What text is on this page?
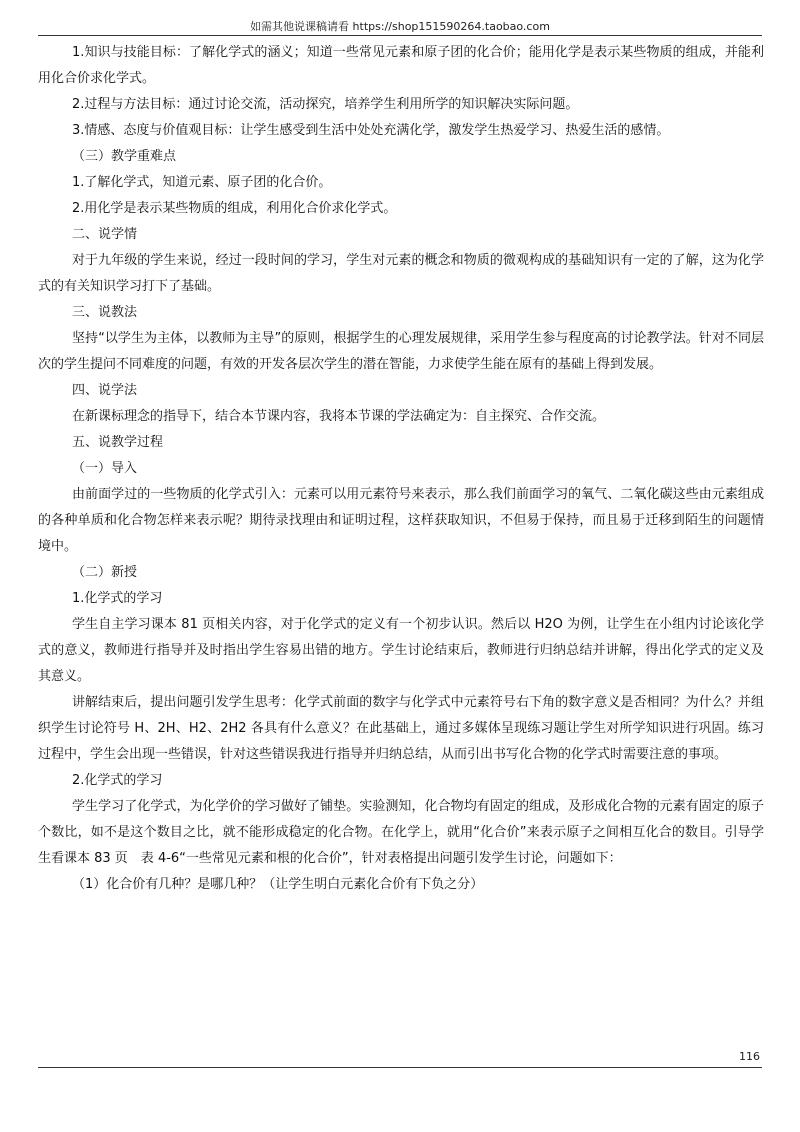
如需其他说课稿请看 https://shop151590264.taobao.com

1.知识与技能目标：了解化学式的涵义；知道一些常见元素和原子团的化合价；能用化学是表示某些物质的组成，并能利用化合价求化学式。

2.过程与方法目标：通过讨论交流，活动探究，培养学生利用所学的知识解决实际问题。

3.情感、态度与价值观目标：让学生感受到生活中处处充满化学，激发学生热爱学习、热爱生活的感情。

（三）教学重难点

1.了解化学式，知道元素、原子团的化合价。

2.用化学是表示某些物质的组成，利用化合价求化学式。

二、说学情

对于九年级的学生来说，经过一段时间的学习，学生对元素的概念和物质的微观构成的基础知识有一定的了解，这为化学式的有关知识学习打下了基础。

三、说教法

坚持“以学生为主体，以教师为主导”的原则，根据学生的心理发展规律，采用学生参与程度高的讨论教学法。针对不同层次的学生提问不同难度的问题，有效的开发各层次学生的潜在智能，力求使学生能在原有的基础上得到发展。

四、说学法

在新课标理念的指导下，结合本节课内容，我将本节课的学法确定为：自主探究、合作交流。

五、说教学过程

（一）导入

由前面学过的一些物质的化学式引入：元素可以用元素符号来表示，那么我们前面学习的氧气、二氧化碳这些由元素组成的各种单质和化合物怎样来表示呢？期待录找理由和证明过程，这样获取知识，不但易于保持，而且易于迁移到陌生的问题情境中。

（二）新授

1.化学式的学习

学生自主学习课本 81 页相关内容，对于化学式的定义有一个初步认识。然后以 H2O 为例，让学生在小组内讨论该化学式的意义，教师进行指导并及时指出学生容易出错的地方。学生讨论结束后，教师进行归纳总结并讲解，得出化学式的定义及其意义。

讲解结束后，提出问题引发学生思考：化学式前面的数字与化学式中元素符号右下角的数字意义是否相同？为什么？并组织学生讨论符号 H、2H、H2、2H2 各具有什么意义？在此基础上，通过多媒体呈现练习题让学生对所学知识进行巩固。练习过程中，学生会出现一些错误，针对这些错误我进行指导并归纳总结，从而引出书写化合物的化学式时需要注意的事项。

2.化学式的学习

学生学习了化学式，为化学价的学习做好了铺垫。实验测知，化合物均有固定的组成，及形成化合物的元素有固定的原子个数比，如不是这个数目之比，就不能形成稳定的化合物。在化学上，就用“化合价”来表示原子之间相互化合的数目。引导学生看课本 83 页　表 4-6“一些常见元素和根的化合价”，针对表格提出问题引发学生讨论，问题如下：

（1）化合价有几种？是哪几种？（让学生明白元素化合价有下负之分）

116
